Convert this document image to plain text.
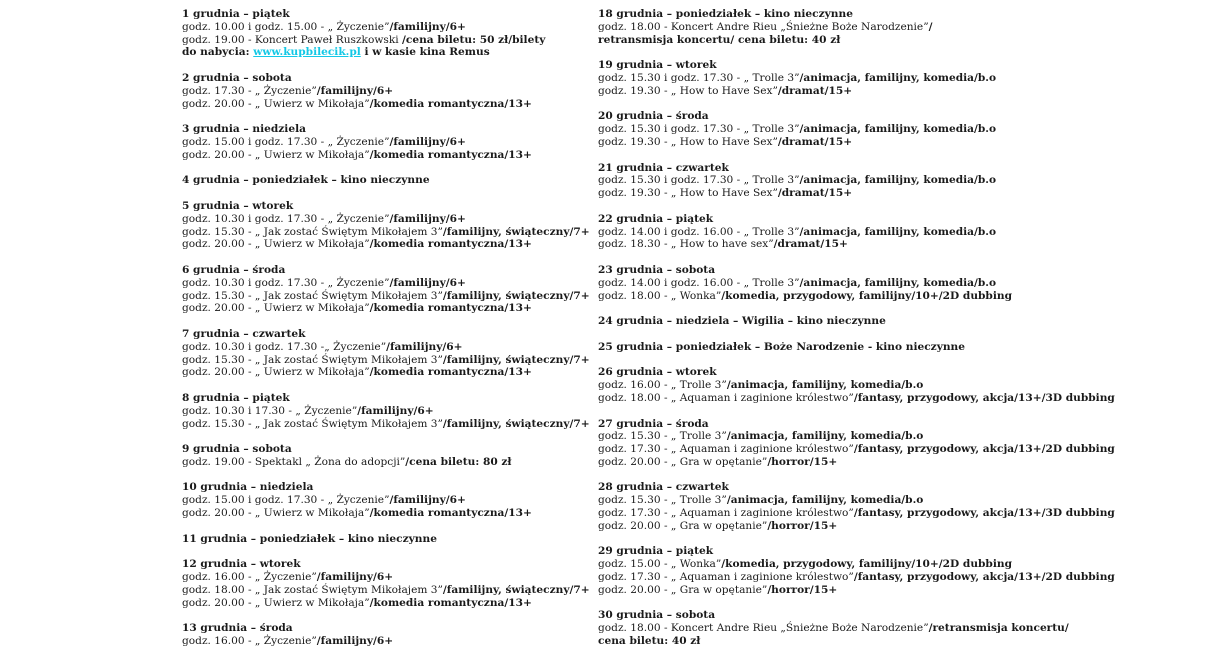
1 grudnia – piątek
godz. 10.00 i godz. 15.00 - „ Życzenie”/familijny/6+
godz. 19.00 - Koncert Paweł Ruszkowski /cena biletu: 50 zł/bilety
do nabycia: www.kupbilecik.pl i w kasie kina Remus
2 grudnia – sobota
godz. 17.30 - „ Życzenie”/familijny/6+
godz. 20.00 - „ Uwierz w Mikołaja”/komedia romantyczna/13+
3 grudnia – niedziela
godz. 15.00 i godz. 17.30 - „ Życzenie”/familijny/6+
godz. 20.00 - „ Uwierz w Mikołaja”/komedia romantyczna/13+
4 grudnia – poniedziałek – kino nieczynne
5 grudnia – wtorek
godz. 10.30 i godz. 17.30 - „ Życzenie”/familijny/6+
godz. 15.30 - „ Jak zostać Świętym Mikołajem 3”/familijny, świąteczny/7+
godz. 20.00 - „ Uwierz w Mikołaja”/komedia romantyczna/13+
6 grudnia – środa
godz. 10.30 i godz. 17.30 - „ Życzenie”/familijny/6+
godz. 15.30 - „ Jak zostać Świętym Mikołajem 3”/familijny, świąteczny/7+
godz. 20.00 - „ Uwierz w Mikołaja”/komedia romantyczna/13+
7 grudnia – czwartek
godz. 10.30 i godz. 17.30 -„ Życzenie”/familijny/6+
godz. 15.30 - „ Jak zostać Świętym Mikołajem 3”/familijny, świąteczny/7+
godz. 20.00 - „ Uwierz w Mikołaja”/komedia romantyczna/13+
8 grudnia – piątek
godz. 10.30 i 17.30 - „ Życzenie”/familijny/6+
godz. 15.30 - „ Jak zostać Świętym Mikołajem 3”/familijny, świąteczny/7+
9 grudnia – sobota
godz. 19.00 - Spektakl „ Żona do adopcji”/cena biletu: 80 zł
10 grudnia – niedziela
godz. 15.00 i godz. 17.30 - „ Życzenie”/familijny/6+
godz. 20.00 - „ Uwierz w Mikołaja”/komedia romantyczna/13+
11 grudnia – poniedziałek – kino nieczynne
12 grudnia – wtorek
godz. 16.00 - „ Życzenie”/familijny/6+
godz. 18.00 - „ Jak zostać Świętym Mikołajem 3”/familijny, świąteczny/7+
godz. 20.00 - „ Uwierz w Mikołaja”/komedia romantyczna/13+
13 grudnia – środa
godz. 16.00 - „ Życzenie”/familijny/6+
18 grudnia – poniedziałek – kino nieczynne
godz. 18.00 - Koncert Andre Rieu „Śnieżne Boże Narodzenie”/
retransmisja koncertu/ cena biletu: 40 zł
19 grudnia – wtorek
godz. 15.30 i godz. 17.30 - „ Trolle 3”/animacja, familijny, komedia/b.o
godz. 19.30 - „ How to Have Sex”/dramat/15+
20 grudnia – środa
godz. 15.30 i godz. 17.30 - „ Trolle 3”/animacja, familijny, komedia/b.o
godz. 19.30 - „ How to Have Sex”/dramat/15+
21 grudnia – czwartek
godz. 15.30 i godz. 17.30 - „ Trolle 3”/animacja, familijny, komedia/b.o
godz. 19.30 - „ How to Have Sex”/dramat/15+
22 grudnia – piątek
godz. 14.00 i godz. 16.00 - „ Trolle 3”/animacja, familijny, komedia/b.o
godz. 18.30 - „ How to have sex”/dramat/15+
23 grudnia – sobota
godz. 14.00 i godz. 16.00 - „ Trolle 3”/animacja, familijny, komedia/b.o
godz. 18.00 - „ Wonka”/komedia, przygodowy, familijny/10+/2D dubbing
24 grudnia – niedziela – Wigilia – kino nieczynne
25 grudnia – poniedziałek – Boże Narodzenie - kino nieczynne
26 grudnia – wtorek
godz. 16.00 - „ Trolle 3”/animacja, familijny, komedia/b.o
godz. 18.00 - „ Aquaman i zaginione królestwo”/fantasy, przygodowy, akcja/13+/3D dubbing
27 grudnia – środa
godz. 15.30 - „ Trolle 3”/animacja, familijny, komedia/b.o
godz. 17.30 - „ Aquaman i zaginione królestwo”/fantasy, przygodowy, akcja/13+/2D dubbing
godz. 20.00 - „ Gra w opętanie”/horror/15+
28 grudnia – czwartek
godz. 15.30 - „ Trolle 3”/animacja, familijny, komedia/b.o
godz. 17.30 - „ Aquaman i zaginione królestwo”/fantasy, przygodowy, akcja/13+/3D dubbing
godz. 20.00 - „ Gra w opętanie”/horror/15+
29 grudnia – piątek
godz. 15.00 - „ Wonka”/komedia, przygodowy, familijny/10+/2D dubbing
godz. 17.30 - „ Aquaman i zaginione królestwo”/fantasy, przygodowy, akcja/13+/2D dubbing
godz. 20.00 - „ Gra w opętanie”/horror/15+
30 grudnia – sobota
godz. 18.00 - Koncert Andre Rieu „Śnieżne Boże Narodzenie”/retransmisja koncertu/
cena biletu: 40 zł
